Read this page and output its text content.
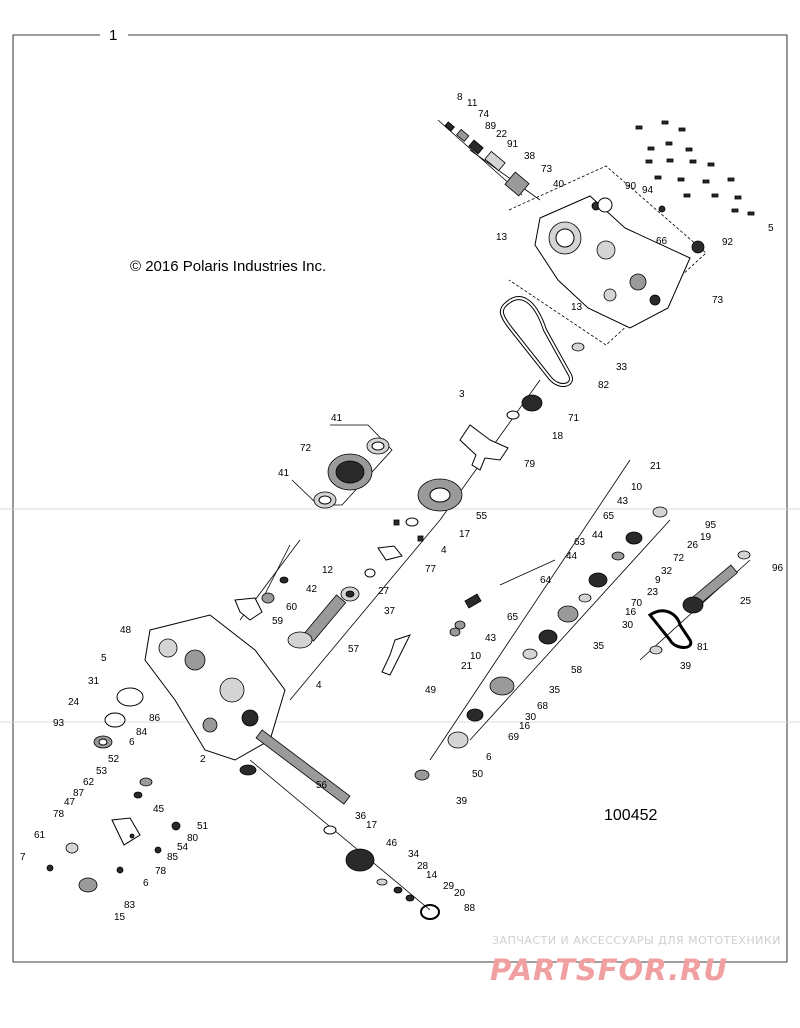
1
© 2016 Polaris Industries Inc.
100452
8
11
74
89
22
91
38
73
40	90 94
5
13	66	92
73
13
33
82
3
71
18
79	21
10
43
65
41
72
41
55
17
4
95
19
26
72
32
9
23
70
16
30
63
44
44
77
12
42	27
60	37
59
64
65
43
10
21
57
49
35
58
35
68
30
16
69
48
5
4
31
24
93	86
84
6
2
52
53
62
87
47
45
78
61
7
80
51
54
85
78
6
83
15
56
36
17
46
34
28
14
29
20
88
6
50
39
25
96
81
39
ЗАПЧАСТИ И АКСЕССУАРЫ ДЛЯ МОТОТЕХНИКИ
PARTSFOR.RU
